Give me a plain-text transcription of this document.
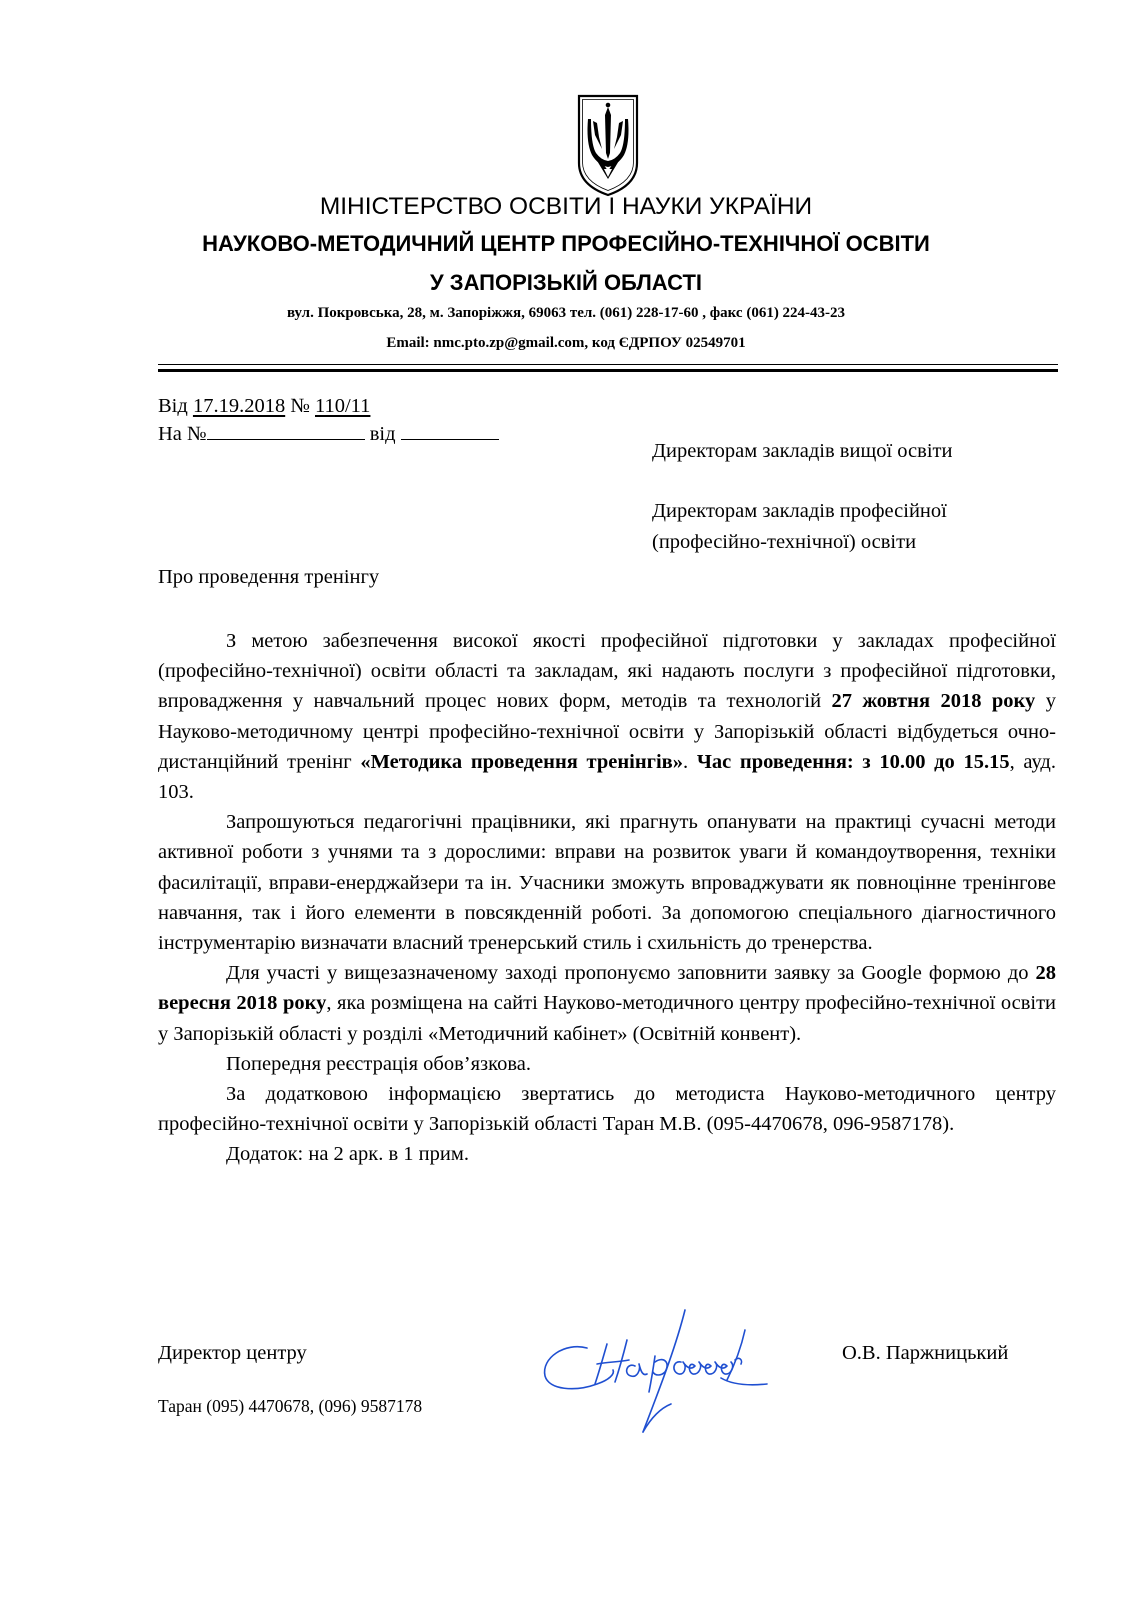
МІНІСТЕРСТВО ОСВІТИ І НАУКИ УКРАЇНИ
НАУКОВО-МЕТОДИЧНИЙ ЦЕНТР ПРОФЕСІЙНО-ТЕХНІЧНОЇ ОСВІТИ
У ЗАПОРІЗЬКІЙ ОБЛАСТІ
вул. Покровська, 28, м. Запоріжжя, 69063 тел. (061) 228-17-60 , факс (061) 224-43-23
Email: nmc.pto.zp@gmail.com, код ЄДРПОУ 02549701
Від 17.19.2018 № 110/11
На №	від
Директорам закладів вищої освіти
Директорам закладів професійної
(професійно-технічної) освіти
Про проведення тренінгу

З метою забезпечення високої якості професійної підготовки у закладах професійної (професійно-технічної) освіти області та закладам, які надають послуги з професійної підготовки, впровадження у навчальний процес нових форм, методів та технологій 27 жовтня 2018 року у Науково-методичному центрі професійно-технічної освіти у Запорізькій області відбудеться очно-дистанційний тренінг «Методика проведення тренінгів». Час проведення: з 10.00 до 15.15, ауд. 103.

Запрошуються педагогічні працівники, які прагнуть опанувати на практиці сучасні методи активної роботи з учнями та з дорослими: вправи на розвиток уваги й командоутворення, техніки фасилітації, вправи-енерджайзери та ін. Учасники зможуть впроваджувати як повноцінне тренінгове навчання, так і його елементи в повсякденній роботі. За допомогою спеціального діагностичного інструментарію визначати власний тренерський стиль і схильність до тренерства.

Для участі у вищезазначеному заході пропонуємо заповнити заявку за Google формою до 28 вересня 2018 року, яка розміщена на сайті Науково-методичного центру професійно-технічної освіти у Запорізькій області у розділі «Методичний кабінет» (Освітній конвент).

Попередня реєстрація обов’язкова.

За додатковою інформацією звертатись до методиста Науково-методичного центру професійно-технічної освіти у Запорізькій області Таран М.В. (095-4470678, 096-9587178).

Додаток: на 2 арк. в 1 прим.

Директор центру	О.В. Паржницький
Таран (095) 4470678, (096) 9587178
